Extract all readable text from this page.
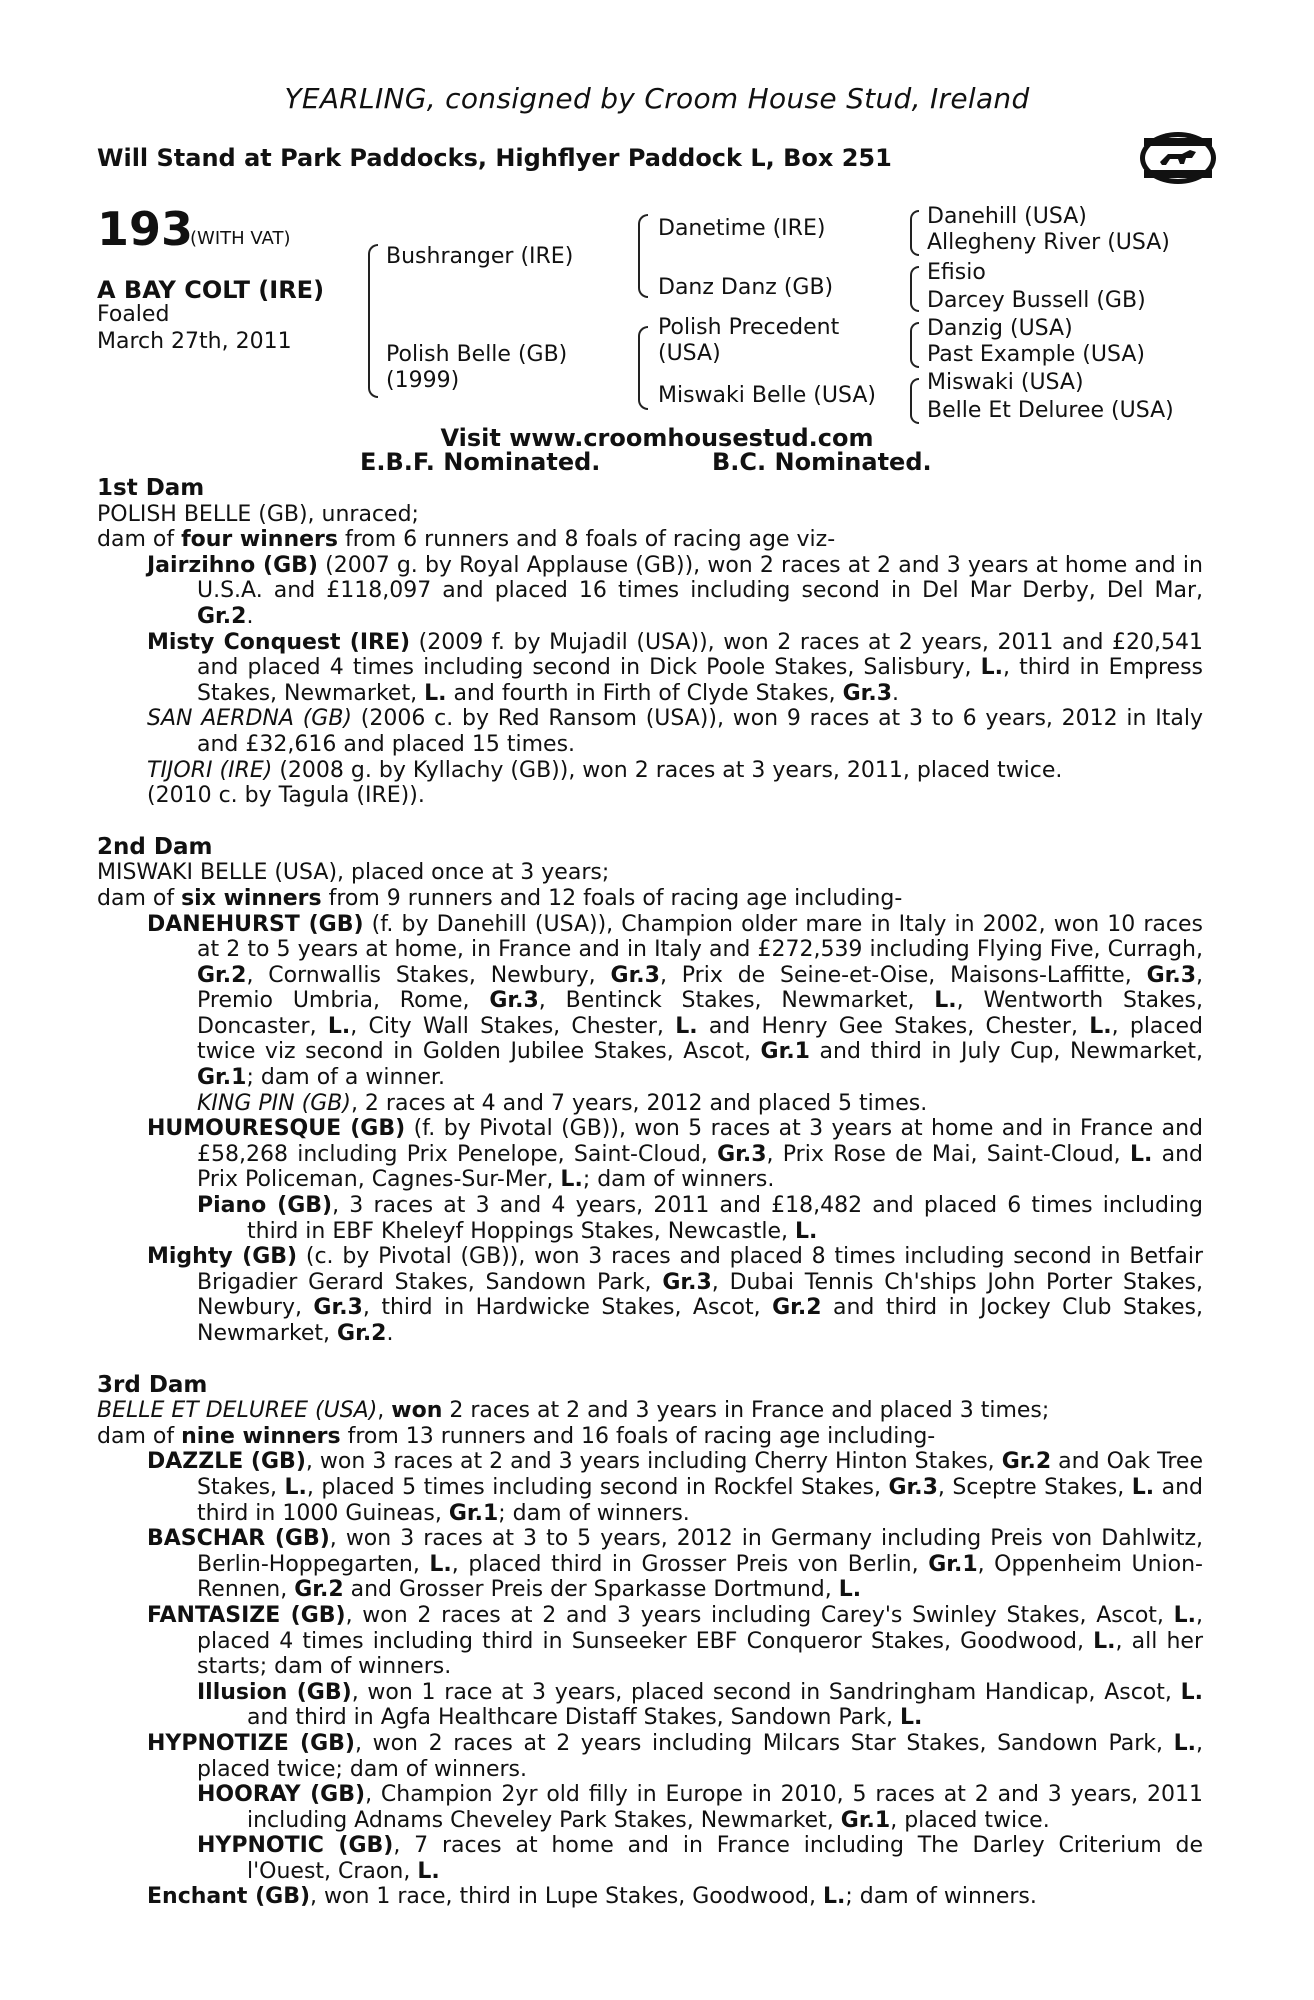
YEARLING, consigned by Croom House Stud, Ireland
Will Stand at Park Paddocks, Highflyer Paddock L, Box 251
193
(WITH VAT)
A BAY COLT (IRE)
Foaled
March 27th, 2011
Bushranger (IRE)
Polish Belle (GB)
(1999)
Danetime (IRE)
Danz Danz (GB)
Polish Precedent
(USA)
Miswaki Belle (USA)
Danehill (USA)
Allegheny River (USA)
Efisio
Darcey Bussell (GB)
Danzig (USA)
Past Example (USA)
Miswaki (USA)
Belle Et Deluree (USA)
Visit www.croomhousestud.com
E.B.F. Nominated.	B.C. Nominated.
1st Dam

POLISH BELLE (GB), unraced;

dam of four winners from 6 runners and 8 foals of racing age viz-

Jairzihno (GB) (2007 g. by Royal Applause (GB)), won 2 races at 2 and 3 years at home and in U.S.A. and £118,097 and placed 16 times including second in Del Mar Derby, Del Mar, Gr.2.

Misty Conquest (IRE) (2009 f. by Mujadil (USA)), won 2 races at 2 years, 2011 and £20,541 and placed 4 times including second in Dick Poole Stakes, Salisbury, L., third in Empress Stakes, Newmarket, L. and fourth in Firth of Clyde Stakes, Gr.3.

SAN AERDNA (GB) (2006 c. by Red Ransom (USA)), won 9 races at 3 to 6 years, 2012 in Italy and £32,616 and placed 15 times.

TIJORI (IRE) (2008 g. by Kyllachy (GB)), won 2 races at 3 years, 2011, placed twice.

(2010 c. by Tagula (IRE)).

2nd Dam

MISWAKI BELLE (USA), placed once at 3 years;

dam of six winners from 9 runners and 12 foals of racing age including-

DANEHURST (GB) (f. by Danehill (USA)), Champion older mare in Italy in 2002, won 10 races at 2 to 5 years at home, in France and in Italy and £272,539 including Flying Five, Curragh, Gr.2, Cornwallis Stakes, Newbury, Gr.3, Prix de Seine-et-Oise, Maisons-Laffitte, Gr.3, Premio Umbria, Rome, Gr.3, Bentinck Stakes, Newmarket, L., Wentworth Stakes, Doncaster, L., City Wall Stakes, Chester, L. and Henry Gee Stakes, Chester, L., placed twice viz second in Golden Jubilee Stakes, Ascot, Gr.1 and third in July Cup, Newmarket, Gr.1; dam of a winner.

KING PIN (GB), 2 races at 4 and 7 years, 2012 and placed 5 times.

HUMOURESQUE (GB) (f. by Pivotal (GB)), won 5 races at 3 years at home and in France and £58,268 including Prix Penelope, Saint-Cloud, Gr.3, Prix Rose de Mai, Saint-Cloud, L. and Prix Policeman, Cagnes-Sur-Mer, L.; dam of winners.

Piano (GB), 3 races at 3 and 4 years, 2011 and £18,482 and placed 6 times including third in EBF Kheleyf Hoppings Stakes, Newcastle, L.

Mighty (GB) (c. by Pivotal (GB)), won 3 races and placed 8 times including second in Betfair Brigadier Gerard Stakes, Sandown Park, Gr.3, Dubai Tennis Ch'ships John Porter Stakes, Newbury, Gr.3, third in Hardwicke Stakes, Ascot, Gr.2 and third in Jockey Club Stakes, Newmarket, Gr.2.

3rd Dam

BELLE ET DELUREE (USA), won 2 races at 2 and 3 years in France and placed 3 times;

dam of nine winners from 13 runners and 16 foals of racing age including-

DAZZLE (GB), won 3 races at 2 and 3 years including Cherry Hinton Stakes, Gr.2 and Oak Tree Stakes, L., placed 5 times including second in Rockfel Stakes, Gr.3, Sceptre Stakes, L. and third in 1000 Guineas, Gr.1; dam of winners.

BASCHAR (GB), won 3 races at 3 to 5 years, 2012 in Germany including Preis von Dahlwitz, Berlin-Hoppegarten, L., placed third in Grosser Preis von Berlin, Gr.1, Oppenheim Union-Rennen, Gr.2 and Grosser Preis der Sparkasse Dortmund, L.

FANTASIZE (GB), won 2 races at 2 and 3 years including Carey's Swinley Stakes, Ascot, L., placed 4 times including third in Sunseeker EBF Conqueror Stakes, Goodwood, L., all her starts; dam of winners.

Illusion (GB), won 1 race at 3 years, placed second in Sandringham Handicap, Ascot, L. and third in Agfa Healthcare Distaff Stakes, Sandown Park, L.

HYPNOTIZE (GB), won 2 races at 2 years including Milcars Star Stakes, Sandown Park, L., placed twice; dam of winners.

HOORAY (GB), Champion 2yr old filly in Europe in 2010, 5 races at 2 and 3 years, 2011 including Adnams Cheveley Park Stakes, Newmarket, Gr.1, placed twice.

HYPNOTIC (GB), 7 races at home and in France including The Darley Criterium de l'Ouest, Craon, L.

Enchant (GB), won 1 race, third in Lupe Stakes, Goodwood, L.; dam of winners.
